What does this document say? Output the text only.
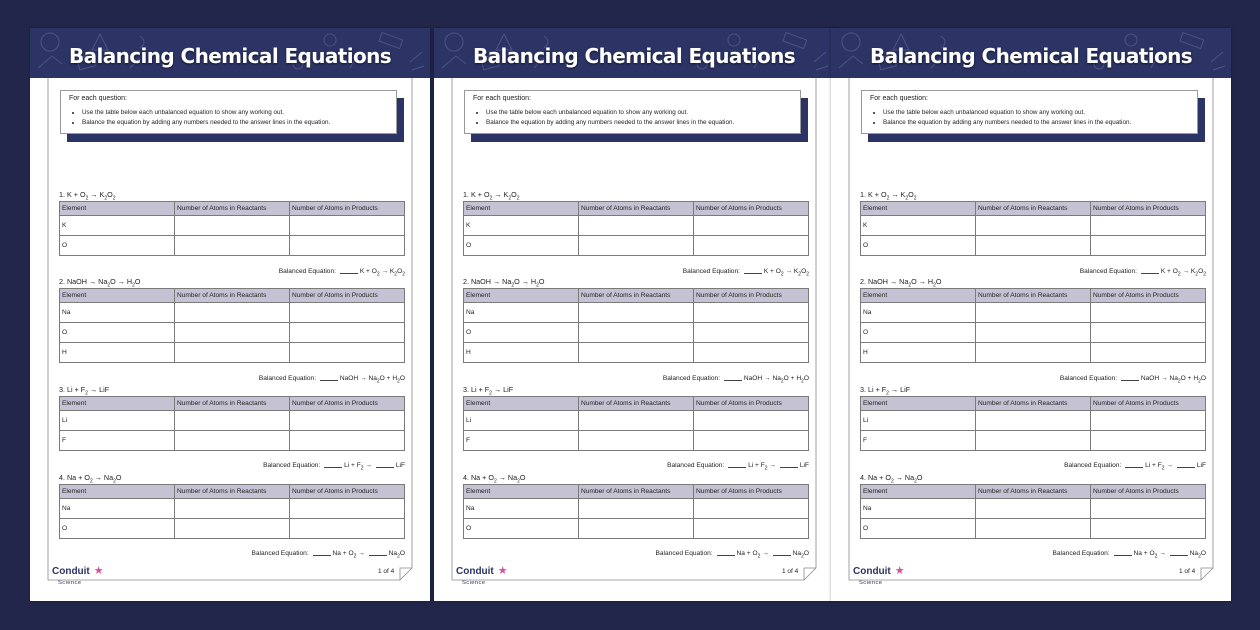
Balancing Chemical Equations
For each question:
• Use the table below each unbalanced equation to show any working out.
• Balance the equation by adding any numbers needed to the answer lines in the equation.
1. $K + O_2 \to K_2O_2$
Element	Number of Atoms in Reactants	Number of Atoms in Products
K		
O		
Balanced Equation:	$K + O_2 \to K_2O_2$
2. NaOH → $Na_2O \to H_2O$
Element	Number of Atoms in Reactants	Number of Atoms in Products
Na		
O		
H		
Balanced Equation:	NaOH → $Na_2O + H_2O$
3. $Li + F_2$ → LiF
Element	Number of Atoms in Reactants	Number of Atoms in Products
Li		
F		
Balanced Equation:	$Li + F_2$ →	LiF
4. $Na + O_2 \to Na_2O$
Element	Number of Atoms in Reactants	Number of Atoms in Products
Na		
O		
Balanced Equation:	$Na + O_2$ →	$Na_2O$
Conduit ★
Science
1 of 4
Balancing Chemical Equations
For each question:
• Use the table below each unbalanced equation to show any working out.
• Balance the equation by adding any numbers needed to the answer lines in the equation.
1. $K + O_2 \to K_2O_2$
Element	Number of Atoms in Reactants	Number of Atoms in Products
K		
O		
Balanced Equation:	$K + O_2 \to K_2O_2$
2. NaOH → $Na_2O \to H_2O$
Element	Number of Atoms in Reactants	Number of Atoms in Products
Na		
O		
H		
Balanced Equation:	NaOH → $Na_2O + H_2O$
3. $Li + F_2$ → LiF
Element	Number of Atoms in Reactants	Number of Atoms in Products
Li		
F		
Balanced Equation:	$Li + F_2$ →	LiF
4. $Na + O_2 \to Na_2O$
Element	Number of Atoms in Reactants	Number of Atoms in Products
Na		
O		
Balanced Equation:	$Na + O_2$ →	$Na_2O$
Conduit ★
Science
1 of 4
Balancing Chemical Equations
For each question:
• Use the table below each unbalanced equation to show any working out.
• Balance the equation by adding any numbers needed to the answer lines in the equation.
1. $K + O_2 \to K_2O_2$
Element	Number of Atoms in Reactants	Number of Atoms in Products
K		
O		
Balanced Equation:	$K + O_2 \to K_2O_2$
2. NaOH → $Na_2O \to H_2O$
Element	Number of Atoms in Reactants	Number of Atoms in Products
Na		
O		
H		
Balanced Equation:	NaOH → $Na_2O + H_2O$
3. $Li + F_2$ → LiF
Element	Number of Atoms in Reactants	Number of Atoms in Products
Li		
F		
Balanced Equation:	$Li + F_2$ →	LiF
4. $Na + O_2 \to Na_2O$
Element	Number of Atoms in Reactants	Number of Atoms in Products
Na		
O		
Balanced Equation:	$Na + O_2$ →	$Na_2O$
Conduit ★
Science
1 of 4
